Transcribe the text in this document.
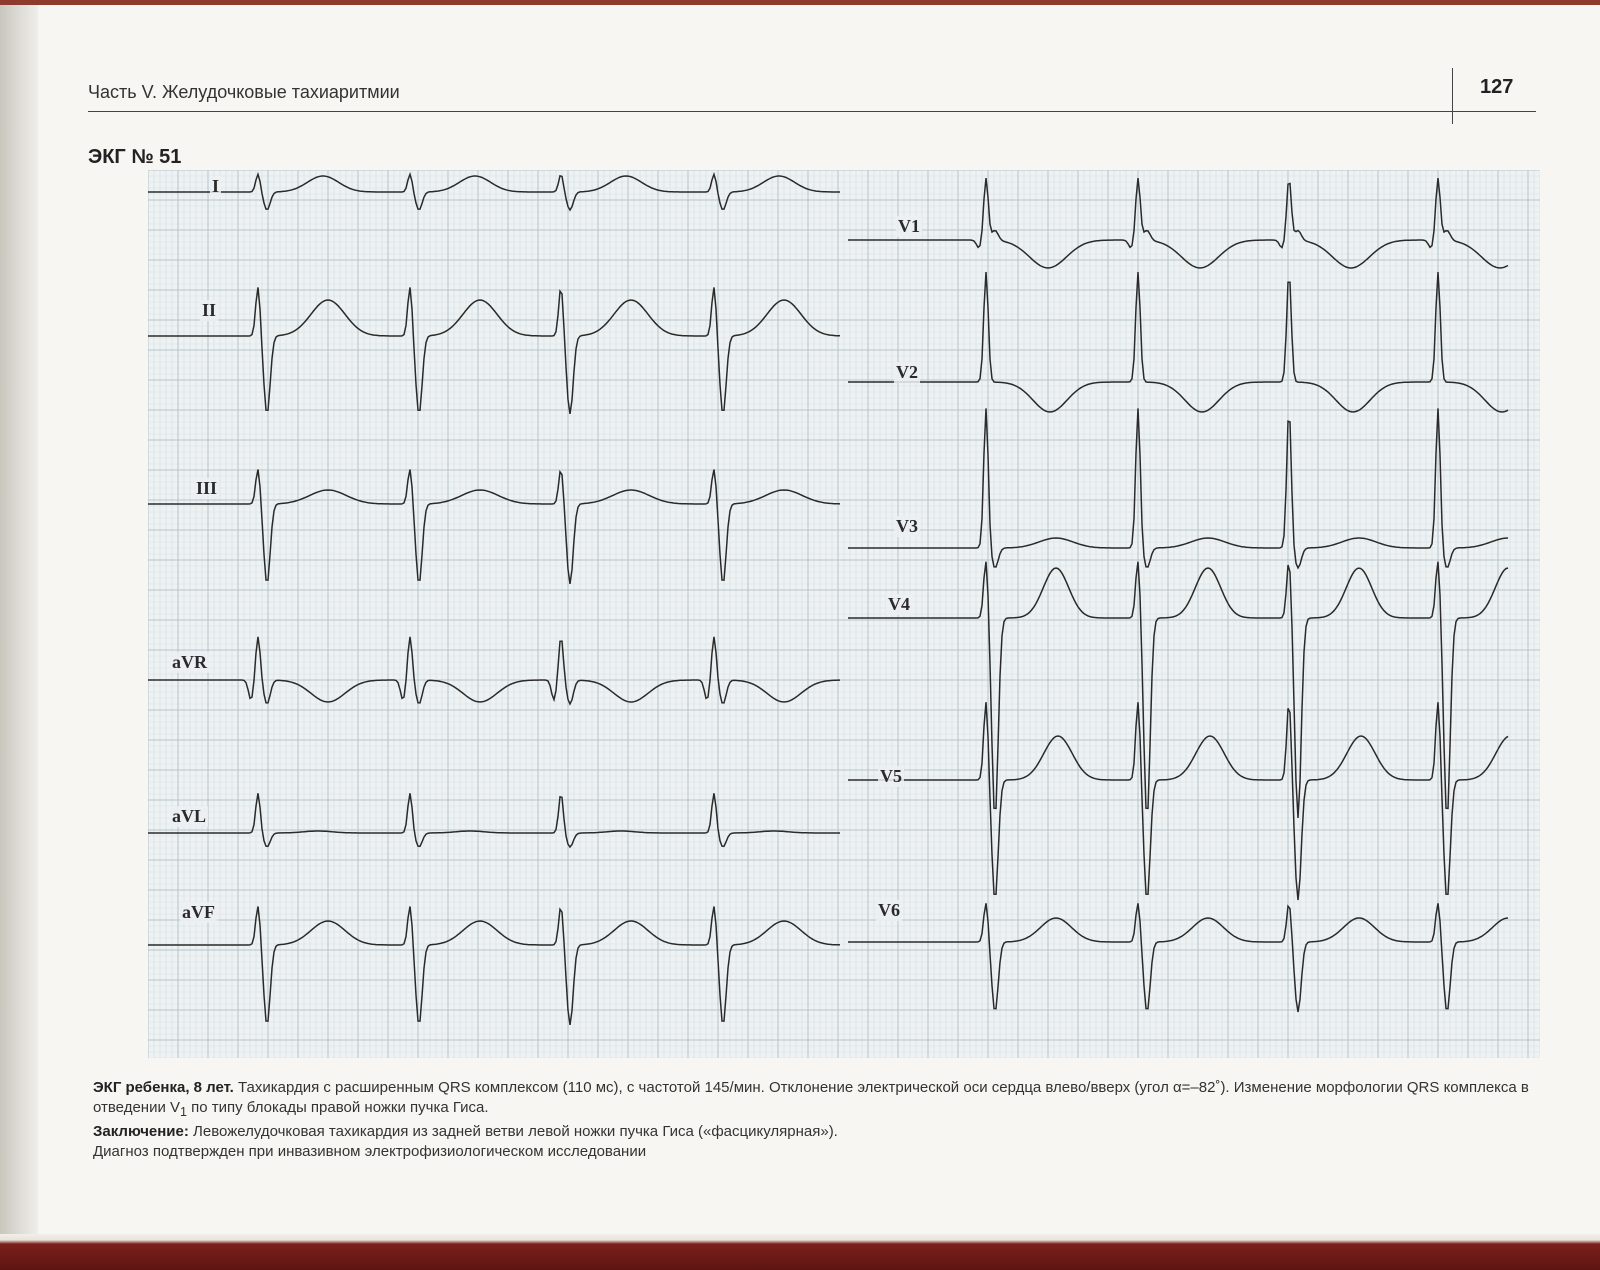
Часть V. Желудочковые тахиаритмии	127
ЭКГ № 51
I
II
III
aVR
aVL
aVF
V1
V2
V3
V4
V5
V6

ЭКГ ребенка, 8 лет. Тахикардия с расширенным QRS комплексом (110 мс), с частотой 145/мин. Отклонение электрической оси сердца влево/вверх (угол α=–82˚). Изменение морфологии QRS комплекса в отведении $V_1$ по типу блокады правой ножки пучка Гиса.

Заключение: Левожелудочковая тахикардия из задней ветви левой ножки пучка Гиса («фасцикулярная»).

Диагноз подтвержден при инвазивном электрофизиологическом исследовании
